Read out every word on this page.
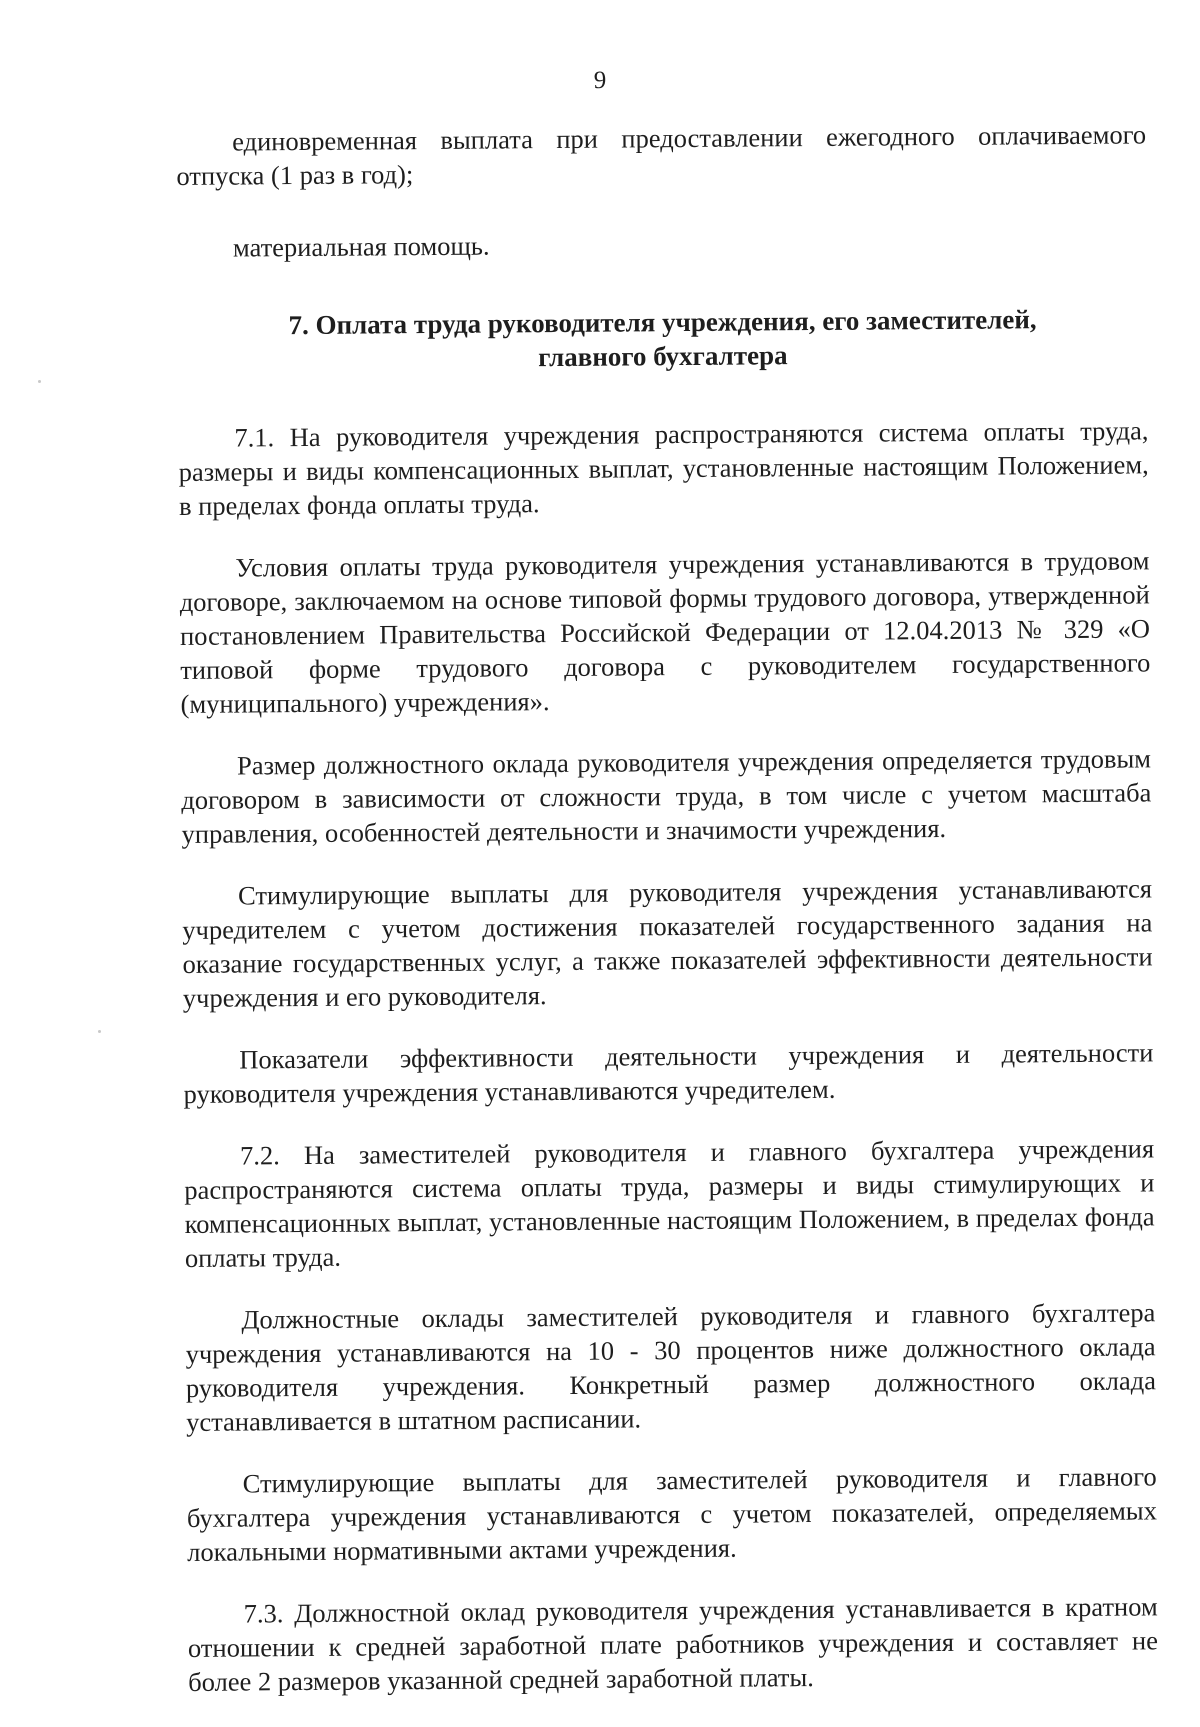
9

единовременная выплата при предоставлении ежегодного оплачиваемого отпуска (1 раз в год);

материальная помощь.

7. Оплата труда руководителя учреждения, его заместителей,
главного бухгалтера

7.1. На руководителя учреждения распространяются система оплаты труда, размеры и виды компенсационных выплат, установленные настоящим Положением, в пределах фонда оплаты труда.

Условия оплаты труда руководителя учреждения устанавливаются в трудовом договоре, заключаемом на основе типовой формы трудового договора, утвержденной постановлением Правительства Российской Федерации от 12.04.2013 № 329 «О типовой форме трудового договора с руководителем государственного (муниципального) учреждения».

Размер должностного оклада руководителя учреждения определяется трудовым договором в зависимости от сложности труда, в том числе с учетом масштаба управления, особенностей деятельности и значимости учреждения.

Стимулирующие выплаты для руководителя учреждения устанавливаются учредителем с учетом достижения показателей государственного задания на оказание государственных услуг, а также показателей эффективности деятельности учреждения и его руководителя.

Показатели эффективности деятельности учреждения и деятельности руководителя учреждения устанавливаются учредителем.

7.2. На заместителей руководителя и главного бухгалтера учреждения распространяются система оплаты труда, размеры и виды стимулирующих и компенсационных выплат, установленные настоящим Положением, в пределах фонда оплаты труда.

Должностные оклады заместителей руководителя и главного бухгалтера учреждения устанавливаются на 10 - 30 процентов ниже должностного оклада руководителя учреждения. Конкретный размер должностного оклада устанавливается в штатном расписании.

Стимулирующие выплаты для заместителей руководителя и главного бухгалтера учреждения устанавливаются с учетом показателей, определяемых локальными нормативными актами учреждения.

7.3. Должностной оклад руководителя учреждения устанавливается в кратном отношении к средней заработной плате работников учреждения и составляет не более 2 размеров указанной средней заработной платы.
